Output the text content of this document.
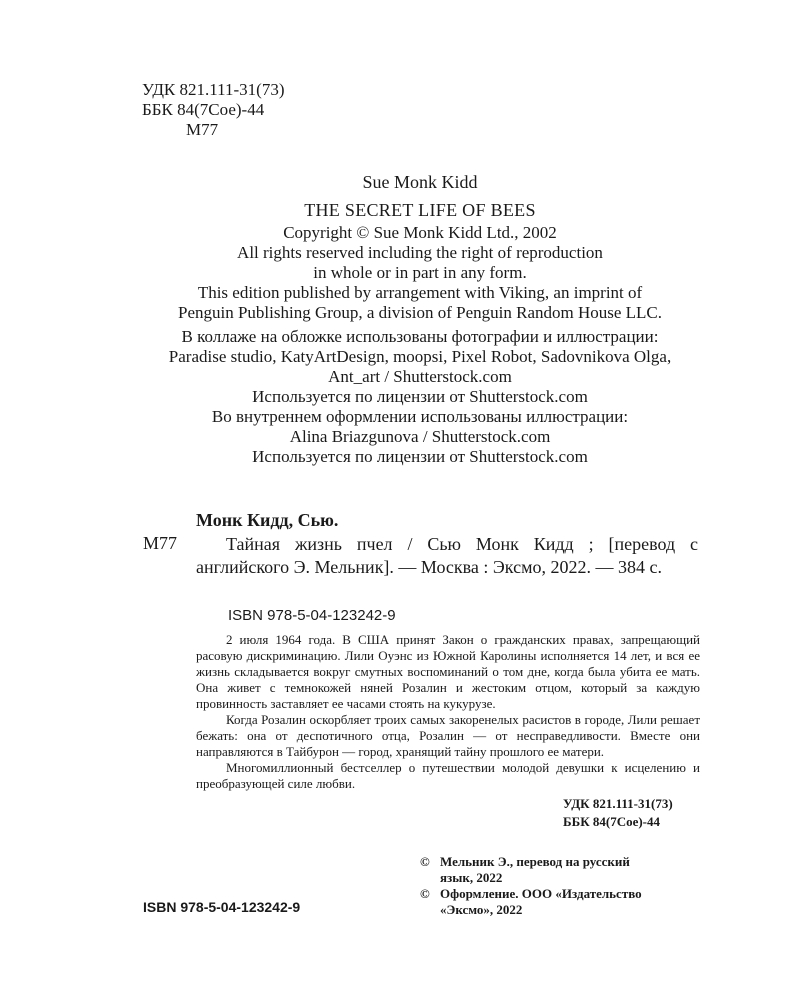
УДК 821.111-31(73)
ББК 84(7Сое)-44
М77
Sue Monk Kidd
THE SECRET LIFE OF BEES
Copyright © Sue Monk Kidd Ltd., 2002
All rights reserved including the right of reproduction
in whole or in part in any form.
This edition published by arrangement with Viking, an imprint of
Penguin Publishing Group, a division of Penguin Random House LLC.
В коллаже на обложке использованы фотографии и иллюстрации:
Paradise studio, KatyArtDesign, moopsi, Pixel Robot, Sadovnikova Olga,
Ant_art / Shutterstock.com
Используется по лицензии от Shutterstock.com
Во внутреннем оформлении использованы иллюстрации:
Alina Briazgunova / Shutterstock.com
Используется по лицензии от Shutterstock.com
Монк Кидд, Сью.
М77	Тайная жизнь пчел / Сью Монк Кидд ; [перевод с английского Э. Мельник]. — Москва : Эксмо, 2022. — 384 с.
ISBN 978-5-04-123242-9

2 июля 1964 года. В США принят Закон о гражданских правах, запрещающий расовую дискриминацию. Лили Оуэнс из Южной Каролины исполняется 14 лет, и вся ее жизнь складывается вокруг смутных воспоминаний о том дне, когда была убита ее мать. Она живет с темнокожей няней Розалин и жестоким отцом, который за каждую провинность заставляет ее часами стоять на кукурузе.

Когда Розалин оскорбляет троих самых закоренелых расистов в городе, Лили решает бежать: она от деспотичного отца, Розалин — от несправедливости. Вместе они направляются в Тайбурон — город, хранящий тайну прошлого ее матери.

Многомиллионный бестселлер о путешествии молодой девушки к исцелению и преобразующей силе любви.

УДК 821.111-31(73)
ББК 84(7Сое)-44
© Мельник Э., перевод на русский
язык, 2022
© Оформление. ООО «Издательство
«Эксмо», 2022
ISBN 978-5-04-123242-9
